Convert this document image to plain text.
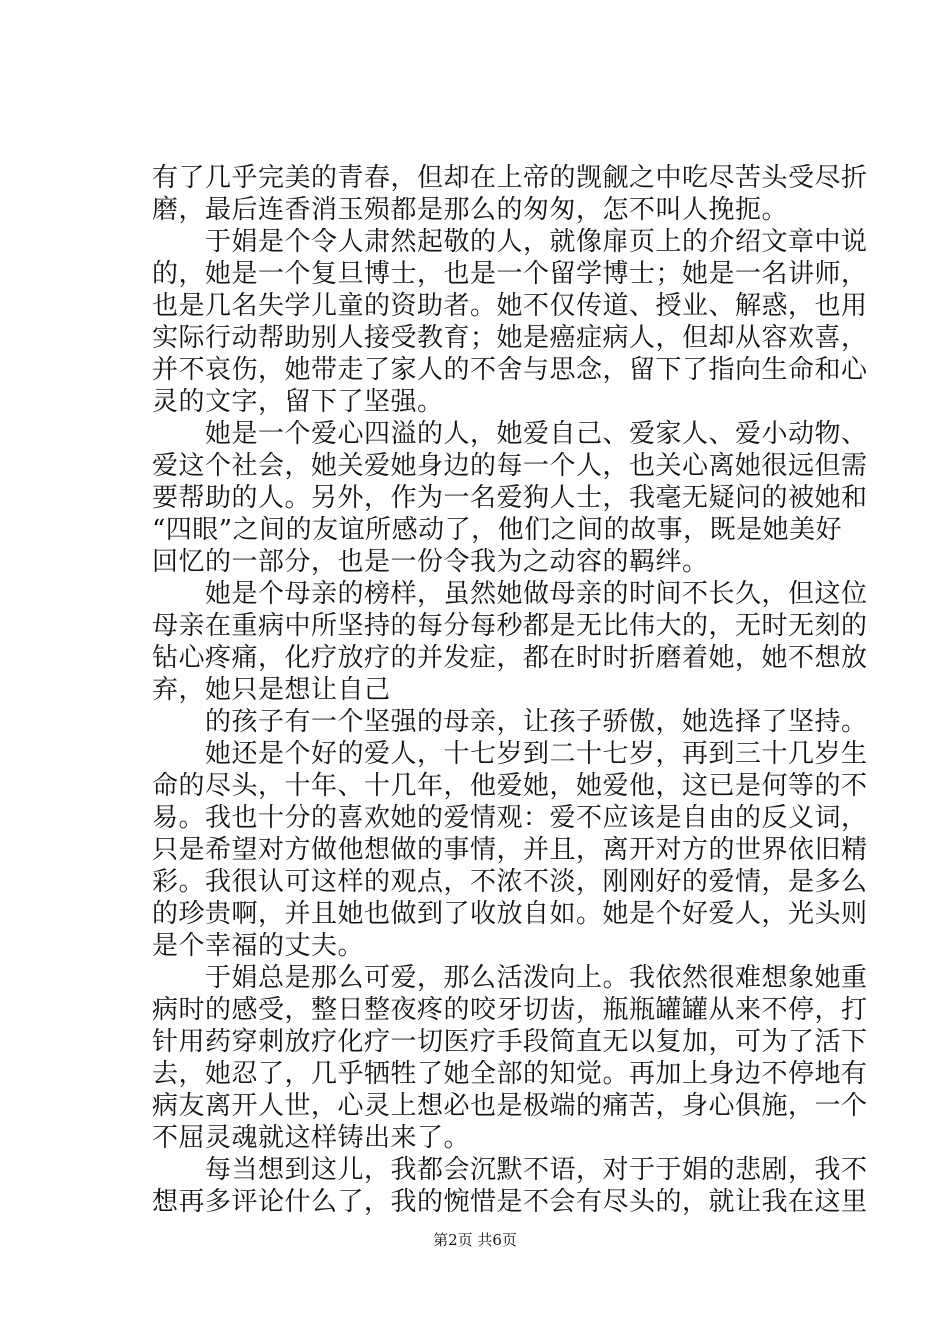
有了几乎完美的青春，但却在上帝的觊觎之中吃尽苦头受尽折
磨，最后连香消玉殒都是那么的匆匆，怎不叫人挽扼。
　　于娟是个令人肃然起敬的人，就像扉页上的介绍文章中说
的，她是一个复旦博士，也是一个留学博士；她是一名讲师，
也是几名失学儿童的资助者。她不仅传道、授业、解惑，也用
实际行动帮助别人接受教育；她是癌症病人，但却从容欢喜，
并不哀伤，她带走了家人的不舍与思念，留下了指向生命和心
灵的文字，留下了坚强。
　　她是一个爱心四溢的人，她爱自己、爱家人、爱小动物、
爱这个社会，她关爱她身边的每一个人，也关心离她很远但需
要帮助的人。另外，作为一名爱狗人士，我毫无疑问的被她和
“四眼”之间的友谊所感动了，他们之间的故事，既是她美好
回忆的一部分，也是一份令我为之动容的羁绊。
　　她是个母亲的榜样，虽然她做母亲的时间不长久，但这位
母亲在重病中所坚持的每分每秒都是无比伟大的，无时无刻的
钻心疼痛，化疗放疗的并发症，都在时时折磨着她，她不想放
弃，她只是想让自己
　　的孩子有一个坚强的母亲，让孩子骄傲，她选择了坚持。
　　她还是个好的爱人，十七岁到二十七岁，再到三十几岁生
命的尽头，十年、十几年，他爱她，她爱他，这已是何等的不
易。我也十分的喜欢她的爱情观：爱不应该是自由的反义词，
只是希望对方做他想做的事情，并且，离开对方的世界依旧精
彩。我很认可这样的观点，不浓不淡，刚刚好的爱情，是多么
的珍贵啊，并且她也做到了收放自如。她是个好爱人，光头则
是个幸福的丈夫。
　　于娟总是那么可爱，那么活泼向上。我依然很难想象她重
病时的感受，整日整夜疼的咬牙切齿，瓶瓶罐罐从来不停，打
针用药穿刺放疗化疗一切医疗手段简直无以复加，可为了活下
去，她忍了，几乎牺牲了她全部的知觉。再加上身边不停地有
病友离开人世，心灵上想必也是极端的痛苦，身心俱施，一个
不屈灵魂就这样铸出来了。
　　每当想到这儿，我都会沉默不语，对于于娟的悲剧，我不
想再多评论什么了，我的惋惜是不会有尽头的，就让我在这里
第2页 共6页
